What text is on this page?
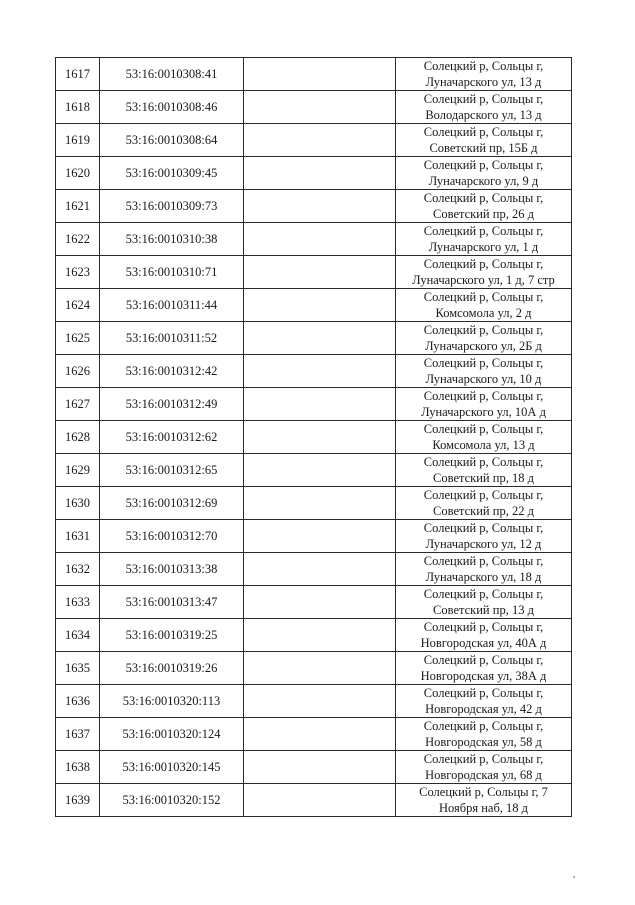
1617	53:16:0010308:41		Солецкий р, Сольцы г,
Луначарского ул, 13 д

1618	53:16:0010308:46		Солецкий р, Сольцы г,
Володарского ул, 13 д

1619	53:16:0010308:64		Солецкий р, Сольцы г,
Советский пр, 15Б д

1620	53:16:0010309:45		Солецкий р, Сольцы г,
Луначарского ул, 9 д

1621	53:16:0010309:73		Солецкий р, Сольцы г,
Советский пр, 26 д

1622	53:16:0010310:38		Солецкий р, Сольцы г,
Луначарского ул, 1 д

1623	53:16:0010310:71		Солецкий р, Сольцы г,
Луначарского ул, 1 д, 7 стр

1624	53:16:0010311:44		Солецкий р, Сольцы г,
Комсомола ул, 2 д

1625	53:16:0010311:52		Солецкий р, Сольцы г,
Луначарского ул, 2Б д

1626	53:16:0010312:42		Солецкий р, Сольцы г,
Луначарского ул, 10 д

1627	53:16:0010312:49		Солецкий р, Сольцы г,
Луначарского ул, 10А д

1628	53:16:0010312:62		Солецкий р, Сольцы г,
Комсомола ул, 13 д

1629	53:16:0010312:65		Солецкий р, Сольцы г,
Советский пр, 18 д

1630	53:16:0010312:69		Солецкий р, Сольцы г,
Советский пр, 22 д

1631	53:16:0010312:70		Солецкий р, Сольцы г,
Луначарского ул, 12 д

1632	53:16:0010313:38		Солецкий р, Сольцы г,
Луначарского ул, 18 д

1633	53:16:0010313:47		Солецкий р, Сольцы г,
Советский пр, 13 д

1634	53:16:0010319:25		Солецкий р, Сольцы г,
Новгородская ул, 40А д

1635	53:16:0010319:26		Солецкий р, Сольцы г,
Новгородская ул, 38А д

1636	53:16:0010320:113		Солецкий р, Сольцы г,
Новгородская ул, 42 д

1637	53:16:0010320:124		Солецкий р, Сольцы г,
Новгородская ул, 58 д

1638	53:16:0010320:145		Солецкий р, Сольцы г,
Новгородская ул, 68 д

1639	53:16:0010320:152		Солецкий р, Сольцы г, 7
Ноября наб, 18 д
